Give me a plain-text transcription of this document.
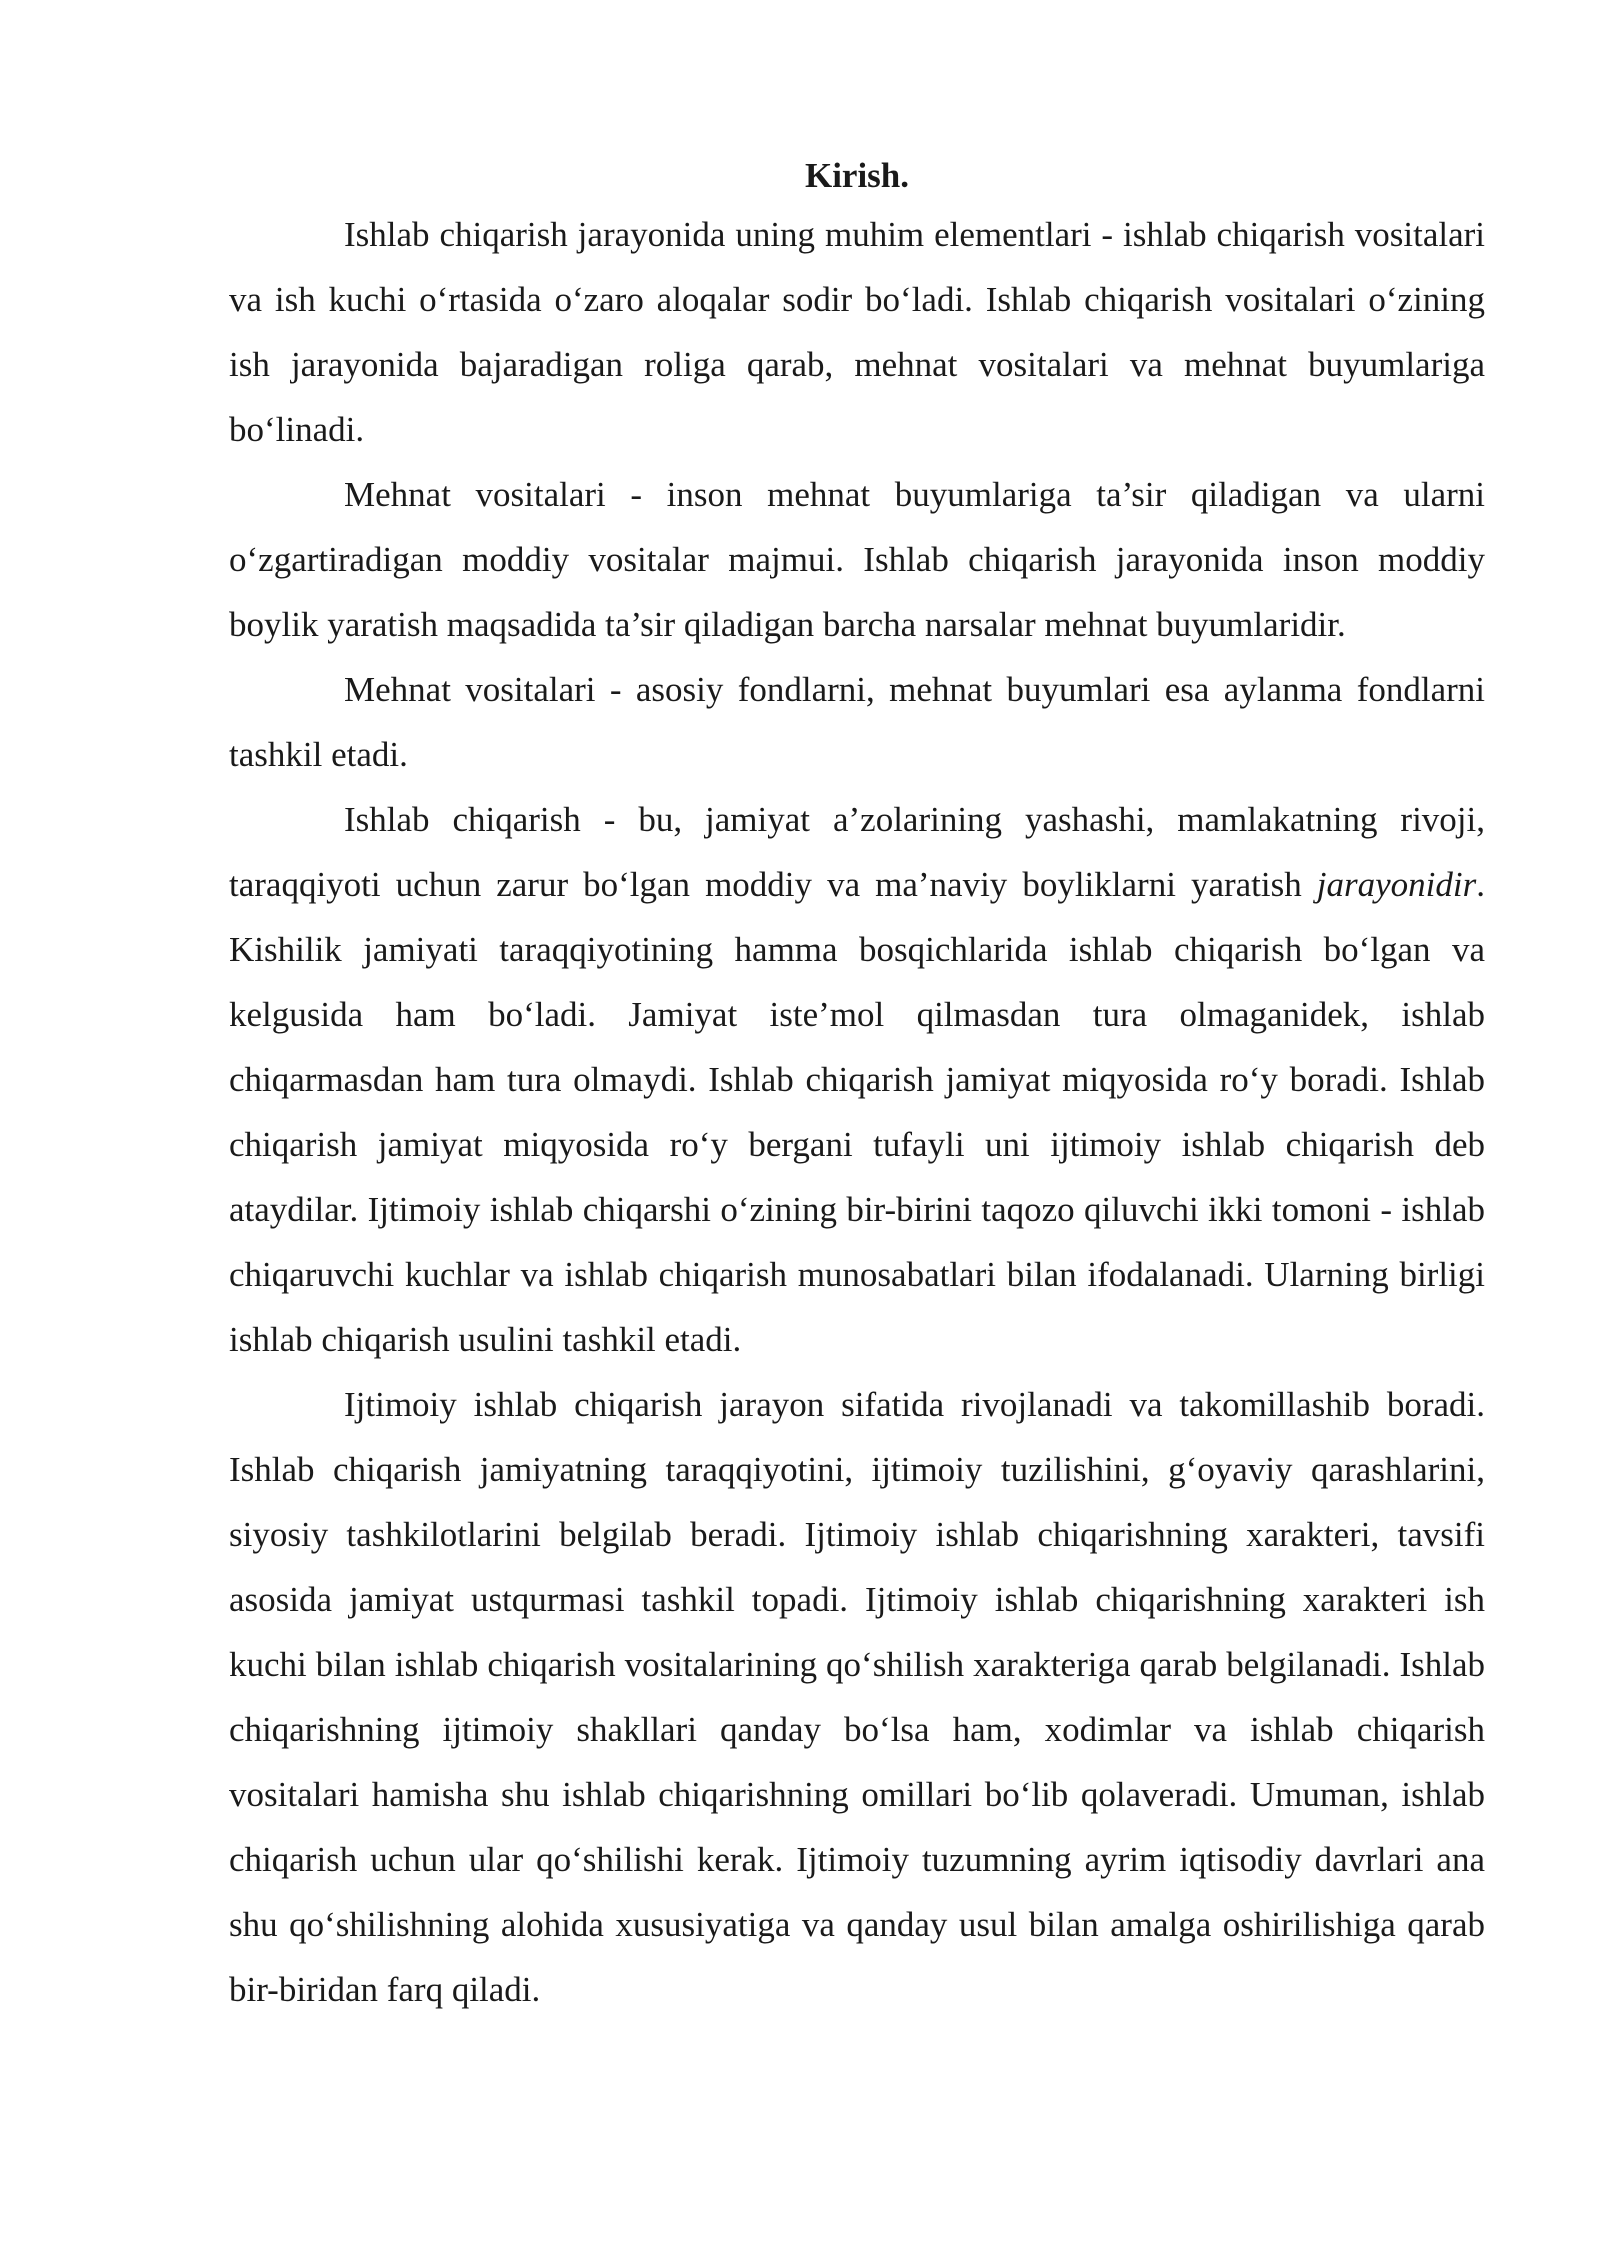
Kirish.

Ishlab chiqarish jarayonida uning muhim elementlari - ishlab chiqarish vositalari va ish kuchi o‘rtasida o‘zaro aloqalar sodir bo‘ladi. Ishlab chiqarish vositalari o‘zining ish jarayonida bajaradigan roliga qarab, mehnat vositalari va mehnat buyumlariga bo‘linadi.

Mehnat vositalari - inson mehnat buyumlariga ta’sir qiladigan va ularni o‘zgartiradigan moddiy vositalar majmui. Ishlab chiqarish jarayonida inson moddiy boylik yaratish maqsadida ta’sir qiladigan barcha narsalar mehnat buyumlaridir.

Mehnat vositalari - asosiy fondlarni, mehnat buyumlari esa aylanma fondlarni tashkil etadi.

Ishlab chiqarish - bu, jamiyat a’zolarining yashashi, mamlakatning rivoji, taraqqiyoti uchun zarur bo‘lgan moddiy va ma’naviy boyliklarni yaratish jarayonidir. Kishilik jamiyati taraqqiyotining hamma bosqichlarida ishlab chiqarish bo‘lgan va kelgusida ham bo‘ladi. Jamiyat iste’mol qilmasdan tura olmaganidek, ishlab chiqarmasdan ham tura olmaydi. Ishlab chiqarish jamiyat miqyosida ro‘y boradi. Ishlab chiqarish jamiyat miqyosida ro‘y bergani tufayli uni ijtimoiy ishlab chiqarish deb ataydilar. Ijtimoiy ishlab chiqarshi o‘zining bir-birini taqozo qiluvchi ikki tomoni - ishlab chiqaruvchi kuchlar va ishlab chiqarish munosabatlari bilan ifodalanadi. Ularning birligi ishlab chiqarish usulini tashkil etadi.

Ijtimoiy ishlab chiqarish jarayon sifatida rivojlanadi va takomillashib boradi. Ishlab chiqarish jamiyatning taraqqiyotini, ijtimoiy tuzilishini, g‘oyaviy qarashlarini, siyosiy tashkilotlarini belgilab beradi. Ijtimoiy ishlab chiqarishning xarakteri, tavsifi asosida jamiyat ustqurmasi tashkil topadi. Ijtimoiy ishlab chiqarishning xarakteri ish kuchi bilan ishlab chiqarish vositalarining qo‘shilish xarakteriga qarab belgilanadi. Ishlab chiqarishning ijtimoiy shakllari qanday bo‘lsa ham, xodimlar va ishlab chiqarish vositalari hamisha shu ishlab chiqarishning omillari bo‘lib qolaveradi. Umuman, ishlab chiqarish uchun ular qo‘shilishi kerak. Ijtimoiy tuzumning ayrim iqtisodiy davrlari ana shu qo‘shilishning alohida xususiyatiga va qanday usul bilan amalga oshirilishiga qarab bir-biridan farq qiladi.
